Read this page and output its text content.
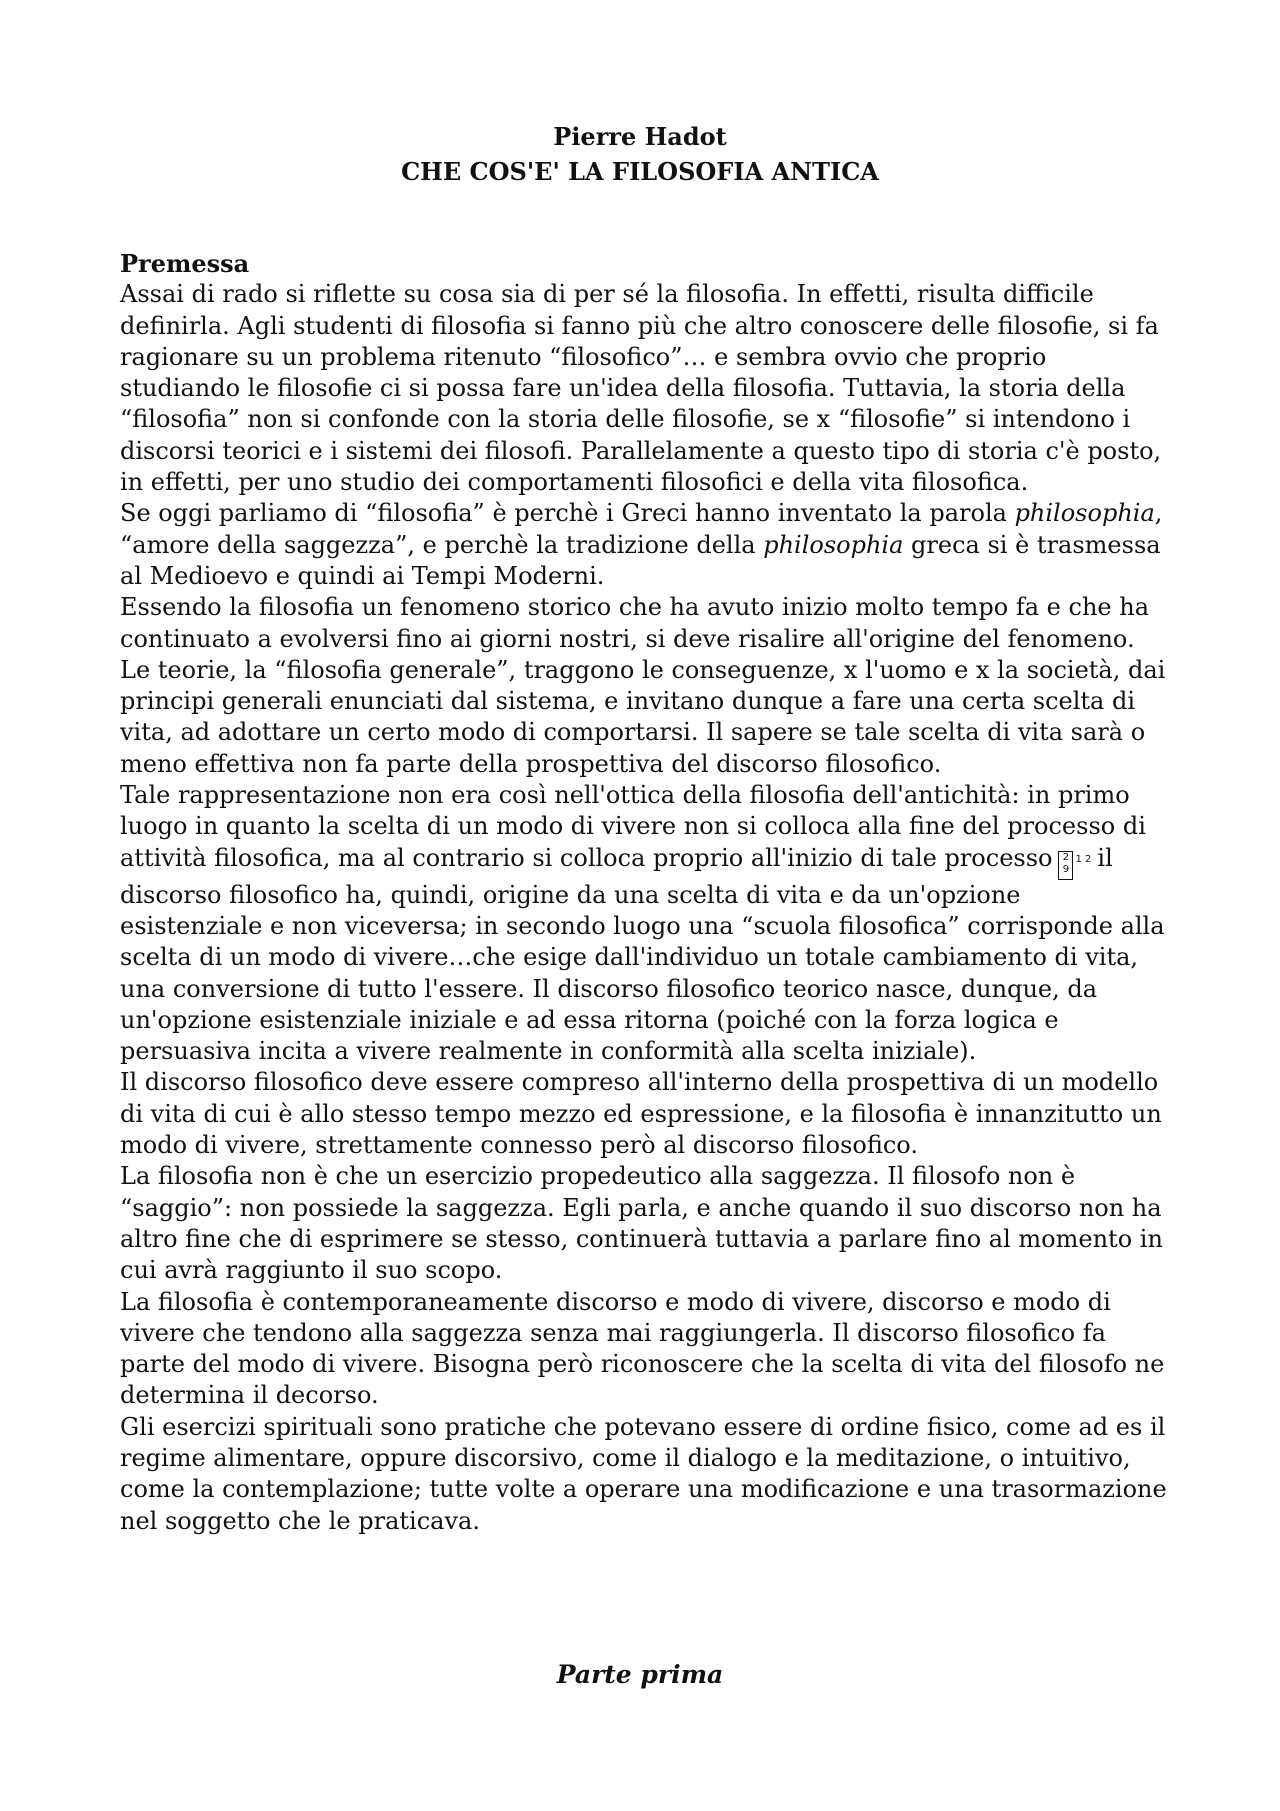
Pierre Hadot

CHE COS'E' LA FILOSOFIA ANTICA

Premessa

Assai di rado si riflette su cosa sia di per sé la filosofia. In effetti, risulta difficile definirla. Agli studenti di filosofia si fanno più che altro conoscere delle filosofie, si fa ragionare su un problema ritenuto “filosofico”… e sembra ovvio che proprio studiando le filosofie ci si possa fare un'idea della filosofia. Tuttavia, la storia della “filosofia” non si confonde con la storia delle filosofie, se x “filosofie” si intendono i discorsi teorici e i sistemi dei filosofi. Parallelamente a questo tipo di storia c'è posto, in effetti, per uno studio dei comportamenti filosofici e della vita filosofica.

Se oggi parliamo di “filosofia” è perchè i Greci hanno inventato la parola philosophia, “amore della saggezza”, e perchè la tradizione della philosophia greca si è trasmessa al Medioevo e quindi ai Tempi Moderni.

Essendo la filosofia un fenomeno storico che ha avuto inizio molto tempo fa e che ha continuato a evolversi fino ai giorni nostri, si deve risalire all'origine del fenomeno.

Le teorie, la “filosofia generale”, traggono le conseguenze, x l'uomo e x la società, dai principi generali enunciati dal sistema, e invitano dunque a fare una certa scelta di vita, ad adottare un certo modo di comportarsi. Il sapere se tale scelta di vita sarà o meno effettiva non fa parte della prospettiva del discorso filosofico.

Tale rappresentazione non era così nell'ottica della filosofia dell'antichità: in primo luogo in quanto la scelta di un modo di vivere non si colloca alla fine del processo di attività filosofica, ma al contrario si colloca proprio all'inizio di tale processo 2 91 2 il discorso filosofico ha, quindi, origine da una scelta di vita e da un'opzione esistenziale e non viceversa; in secondo luogo una “scuola filosofica” corrisponde alla scelta di un modo di vivere…che esige dall'individuo un totale cambiamento di vita, una conversione di tutto l'essere. Il discorso filosofico teorico nasce, dunque, da un'opzione esistenziale iniziale e ad essa ritorna (poiché con la forza logica e persuasiva incita a vivere realmente in conformità alla scelta iniziale).

Il discorso filosofico deve essere compreso all'interno della prospettiva di un modello di vita di cui è allo stesso tempo mezzo ed espressione, e la filosofia è innanzitutto un modo di vivere, strettamente connesso però al discorso filosofico.

La filosofia non è che un esercizio propedeutico alla saggezza. Il filosofo non è “saggio”: non possiede la saggezza. Egli parla, e anche quando il suo discorso non ha altro fine che di esprimere se stesso, continuerà tuttavia a parlare fino al momento in cui avrà raggiunto il suo scopo.

La filosofia è contemporaneamente discorso e modo di vivere, discorso e modo di vivere che tendono alla saggezza senza mai raggiungerla. Il discorso filosofico fa parte del modo di vivere. Bisogna però riconoscere che la scelta di vita del filosofo ne determina il decorso.

Gli esercizi spirituali sono pratiche che potevano essere di ordine fisico, come ad es il regime alimentare, oppure discorsivo, come il dialogo e la meditazione, o intuitivo, come la contemplazione; tutte volte a operare una modificazione e una trasormazione nel soggetto che le praticava.

Parte prima
